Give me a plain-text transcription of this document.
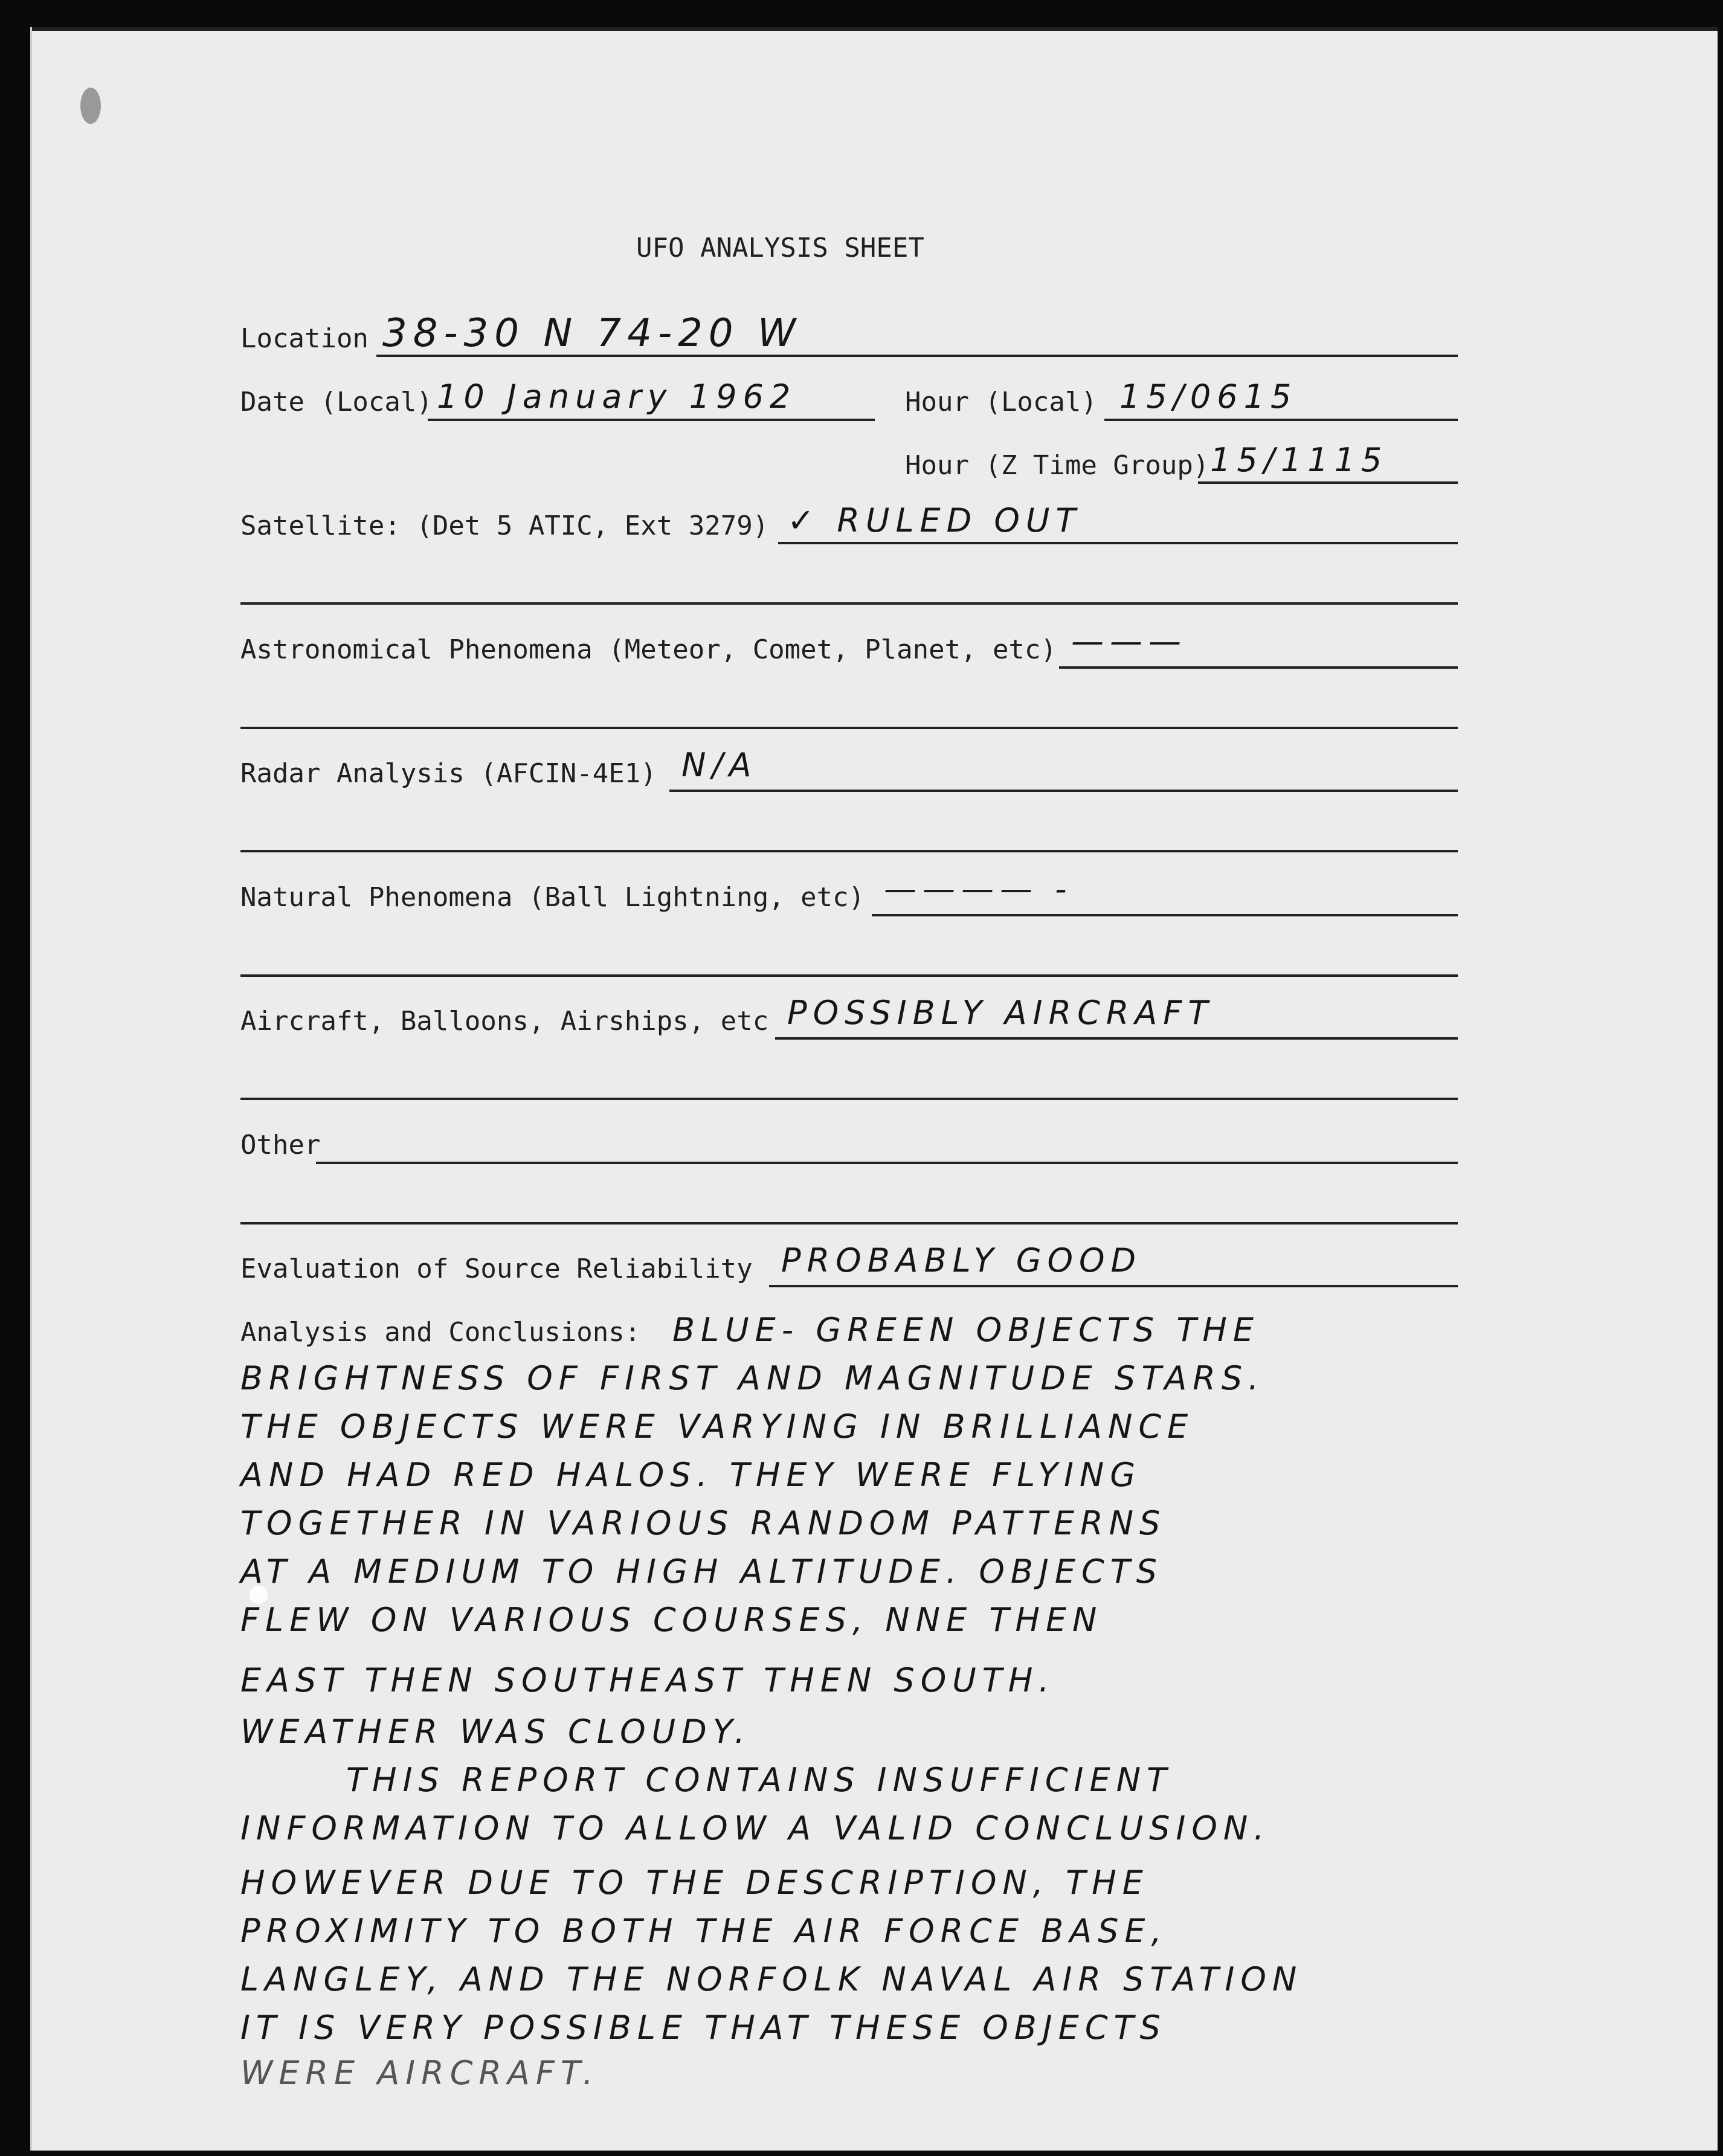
UFO ANALYSIS SHEET
Location 38-30 N 74-20 W
Date (Local) 10 January 1962	Hour (Local) 15/0615
Hour (Z Time Group) 15/1115
Satellite: (Det 5 ATIC, Ext 3279) ✓ RULED OUT
Astronomical Phenomena (Meteor, Comet, Planet, etc) ———
Radar Analysis (AFCIN-4E1) N/A
Natural Phenomena (Ball Lightning, etc) ———— -
Aircraft, Balloons, Airships, etc POSSIBLY AIRCRAFT
Other
Evaluation of Source Reliability PROBABLY GOOD
Analysis and Conclusions: BLUE- GREEN OBJECTS THE
BRIGHTNESS OF FIRST AND MAGNITUDE STARS.
THE OBJECTS WERE VARYING IN BRILLIANCE
AND HAD RED HALOS. THEY WERE FLYING
TOGETHER IN VARIOUS RANDOM PATTERNS
AT A MEDIUM TO HIGH ALTITUDE. OBJECTS
FLEW ON VARIOUS COURSES, NNE THEN
EAST THEN SOUTHEAST THEN SOUTH.
WEATHER WAS CLOUDY.
THIS REPORT CONTAINS INSUFFICIENT
INFORMATION TO ALLOW A VALID CONCLUSION.
HOWEVER DUE TO THE DESCRIPTION, THE
PROXIMITY TO BOTH THE AIR FORCE BASE,
LANGLEY, AND THE NORFOLK NAVAL AIR STATION
IT IS VERY POSSIBLE THAT THESE OBJECTS
WERE AIRCRAFT.
